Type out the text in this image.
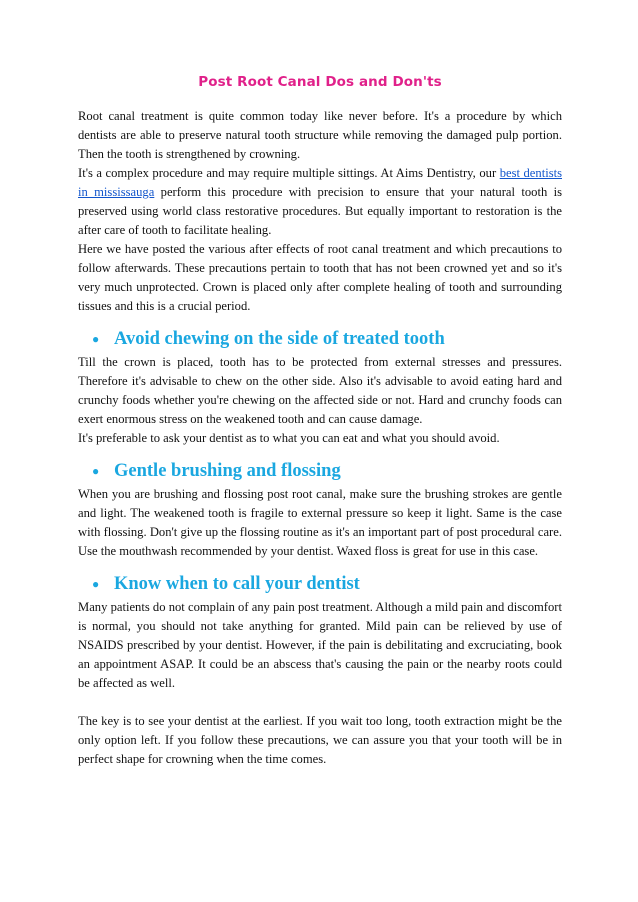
Post Root Canal Dos and Don'ts

Root canal treatment is quite common today like never before. It's a procedure by which dentists are able to preserve natural tooth structure while removing the damaged pulp portion. Then the tooth is strengthened by crowning.

It's a complex procedure and may require multiple sittings. At Aims Dentistry, our best dentists in mississauga perform this procedure with precision to ensure that your natural tooth is preserved using world class restorative procedures. But equally important to restoration is the after care of tooth to facilitate healing.

Here we have posted the various after effects of root canal treatment and which precautions to follow afterwards. These precautions pertain to tooth that has not been crowned yet and so it's very much unprotected. Crown is placed only after complete healing of tooth and surrounding tissues and this is a crucial period.

● Avoid chewing on the side of treated tooth

Till the crown is placed, tooth has to be protected from external stresses and pressures. Therefore it's advisable to chew on the other side. Also it's advisable to avoid eating hard and crunchy foods whether you're chewing on the affected side or not. Hard and crunchy foods can exert enormous stress on the weakened tooth and can cause damage.

It's preferable to ask your dentist as to what you can eat and what you should avoid.

● Gentle brushing and flossing

When you are brushing and flossing post root canal, make sure the brushing strokes are gentle and light. The weakened tooth is fragile to external pressure so keep it light. Same is the case with flossing. Don't give up the flossing routine as it's an important part of post procedural care. Use the mouthwash recommended by your dentist. Waxed floss is great for use in this case.

● Know when to call your dentist

Many patients do not complain of any pain post treatment. Although a mild pain and discomfort is normal, you should not take anything for granted. Mild pain can be relieved by use of NSAIDS prescribed by your dentist. However, if the pain is debilitating and excruciating, book an appointment ASAP. It could be an abscess that's causing the pain or the nearby roots could be affected as well.

The key is to see your dentist at the earliest. If you wait too long, tooth extraction might be the only option left. If you follow these precautions, we can assure you that your tooth will be in perfect shape for crowning when the time comes.
